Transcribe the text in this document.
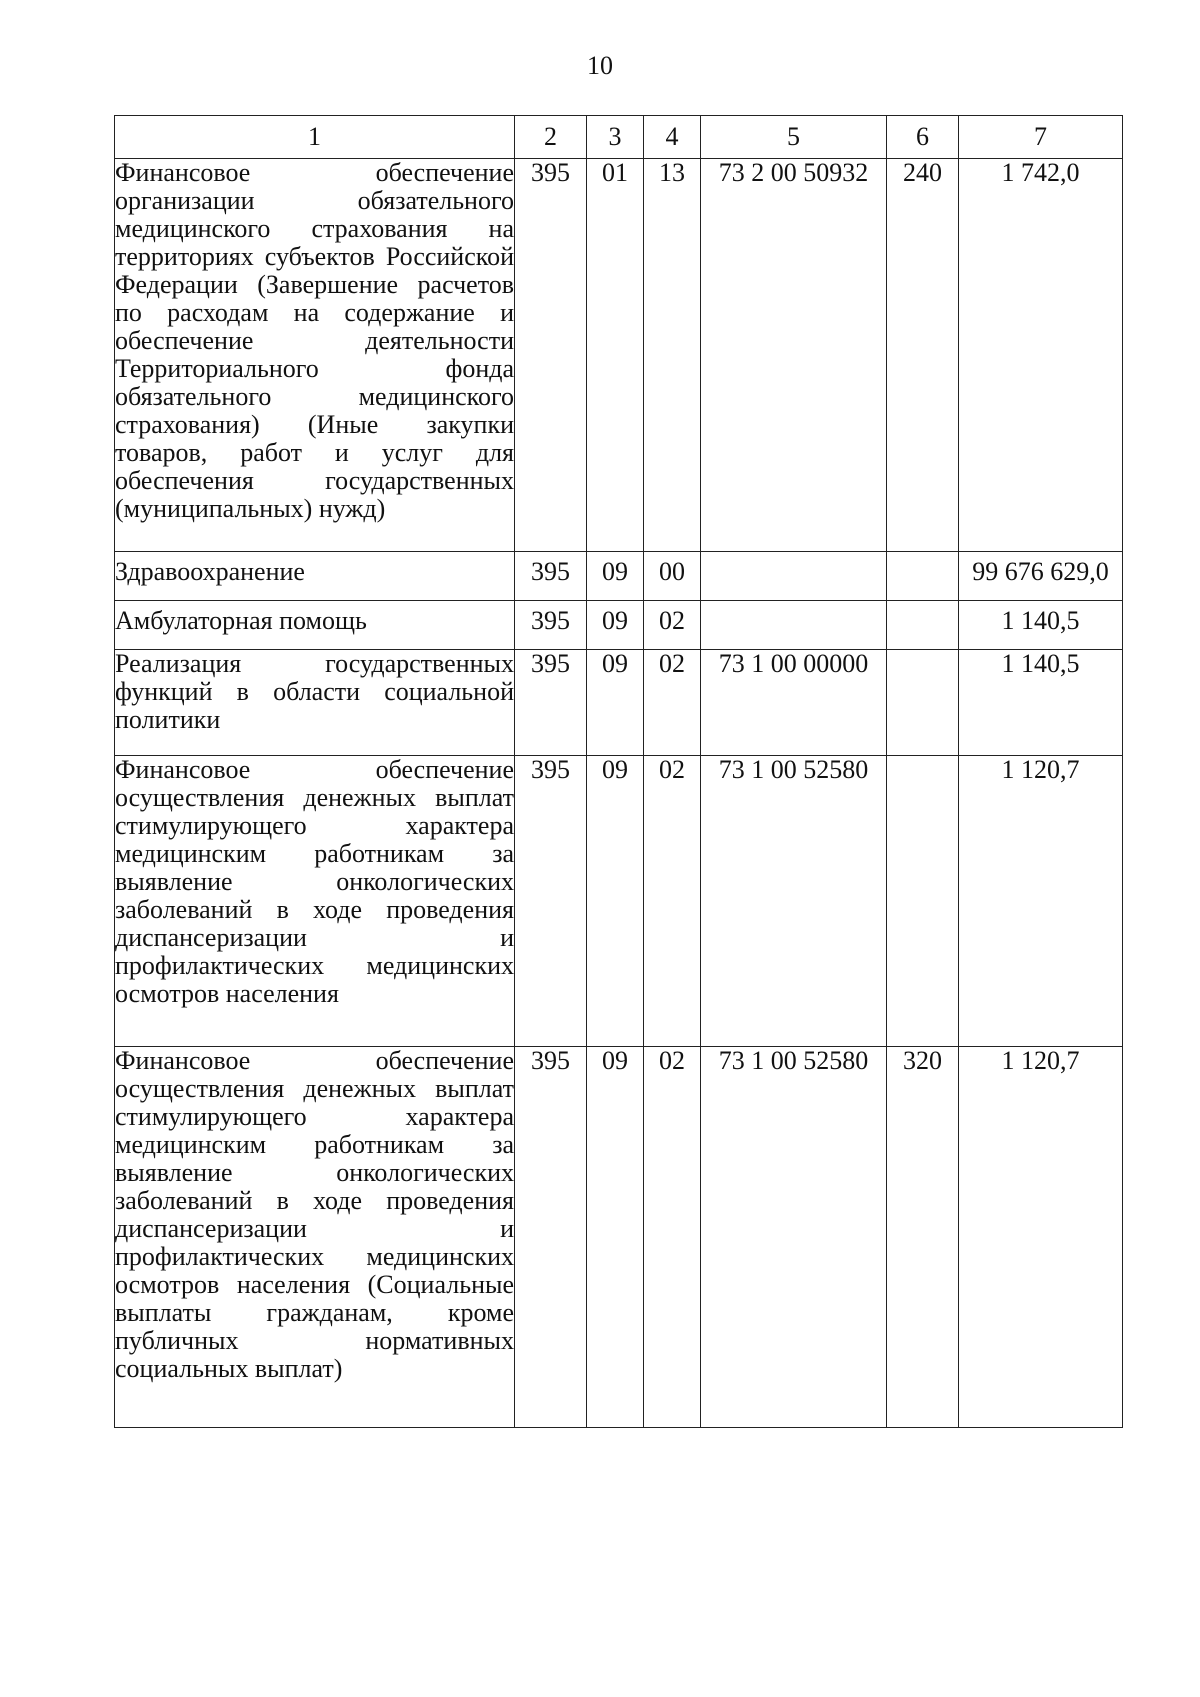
10
1	2	3	4	5	6	7
Финансовое обеспечение организации обязательного медицинского страхования на территориях субъектов Российской Федерации (Завершение расчетов по расходам на содержание и обеспечение деятельности Территориального фонда обязательного медицинского страхования) (Иные закупки товаров, работ и услуг для обеспечения государственных (муниципальных) нужд)	395	01	13	73 2 00 50932	240	1 742,0
Здравоохранение	395	09	00			99 676 629,0
Амбулаторная помощь	395	09	02			1 140,5
Реализация государственных функций в области социальной политики	395	09	02	73 1 00 00000		1 140,5
Финансовое обеспечение осуществления денежных выплат стимулирующего характера медицинским работникам за выявление онкологических заболеваний в ходе проведения диспансеризации и профилактических медицинских осмотров населения	395	09	02	73 1 00 52580		1 120,7
Финансовое обеспечение осуществления денежных выплат стимулирующего характера медицинским работникам за выявление онкологических заболеваний в ходе проведения диспансеризации и профилактических медицинских осмотров населения (Социальные выплаты гражданам, кроме публичных нормативных социальных выплат)	395	09	02	73 1 00 52580	320	1 120,7
